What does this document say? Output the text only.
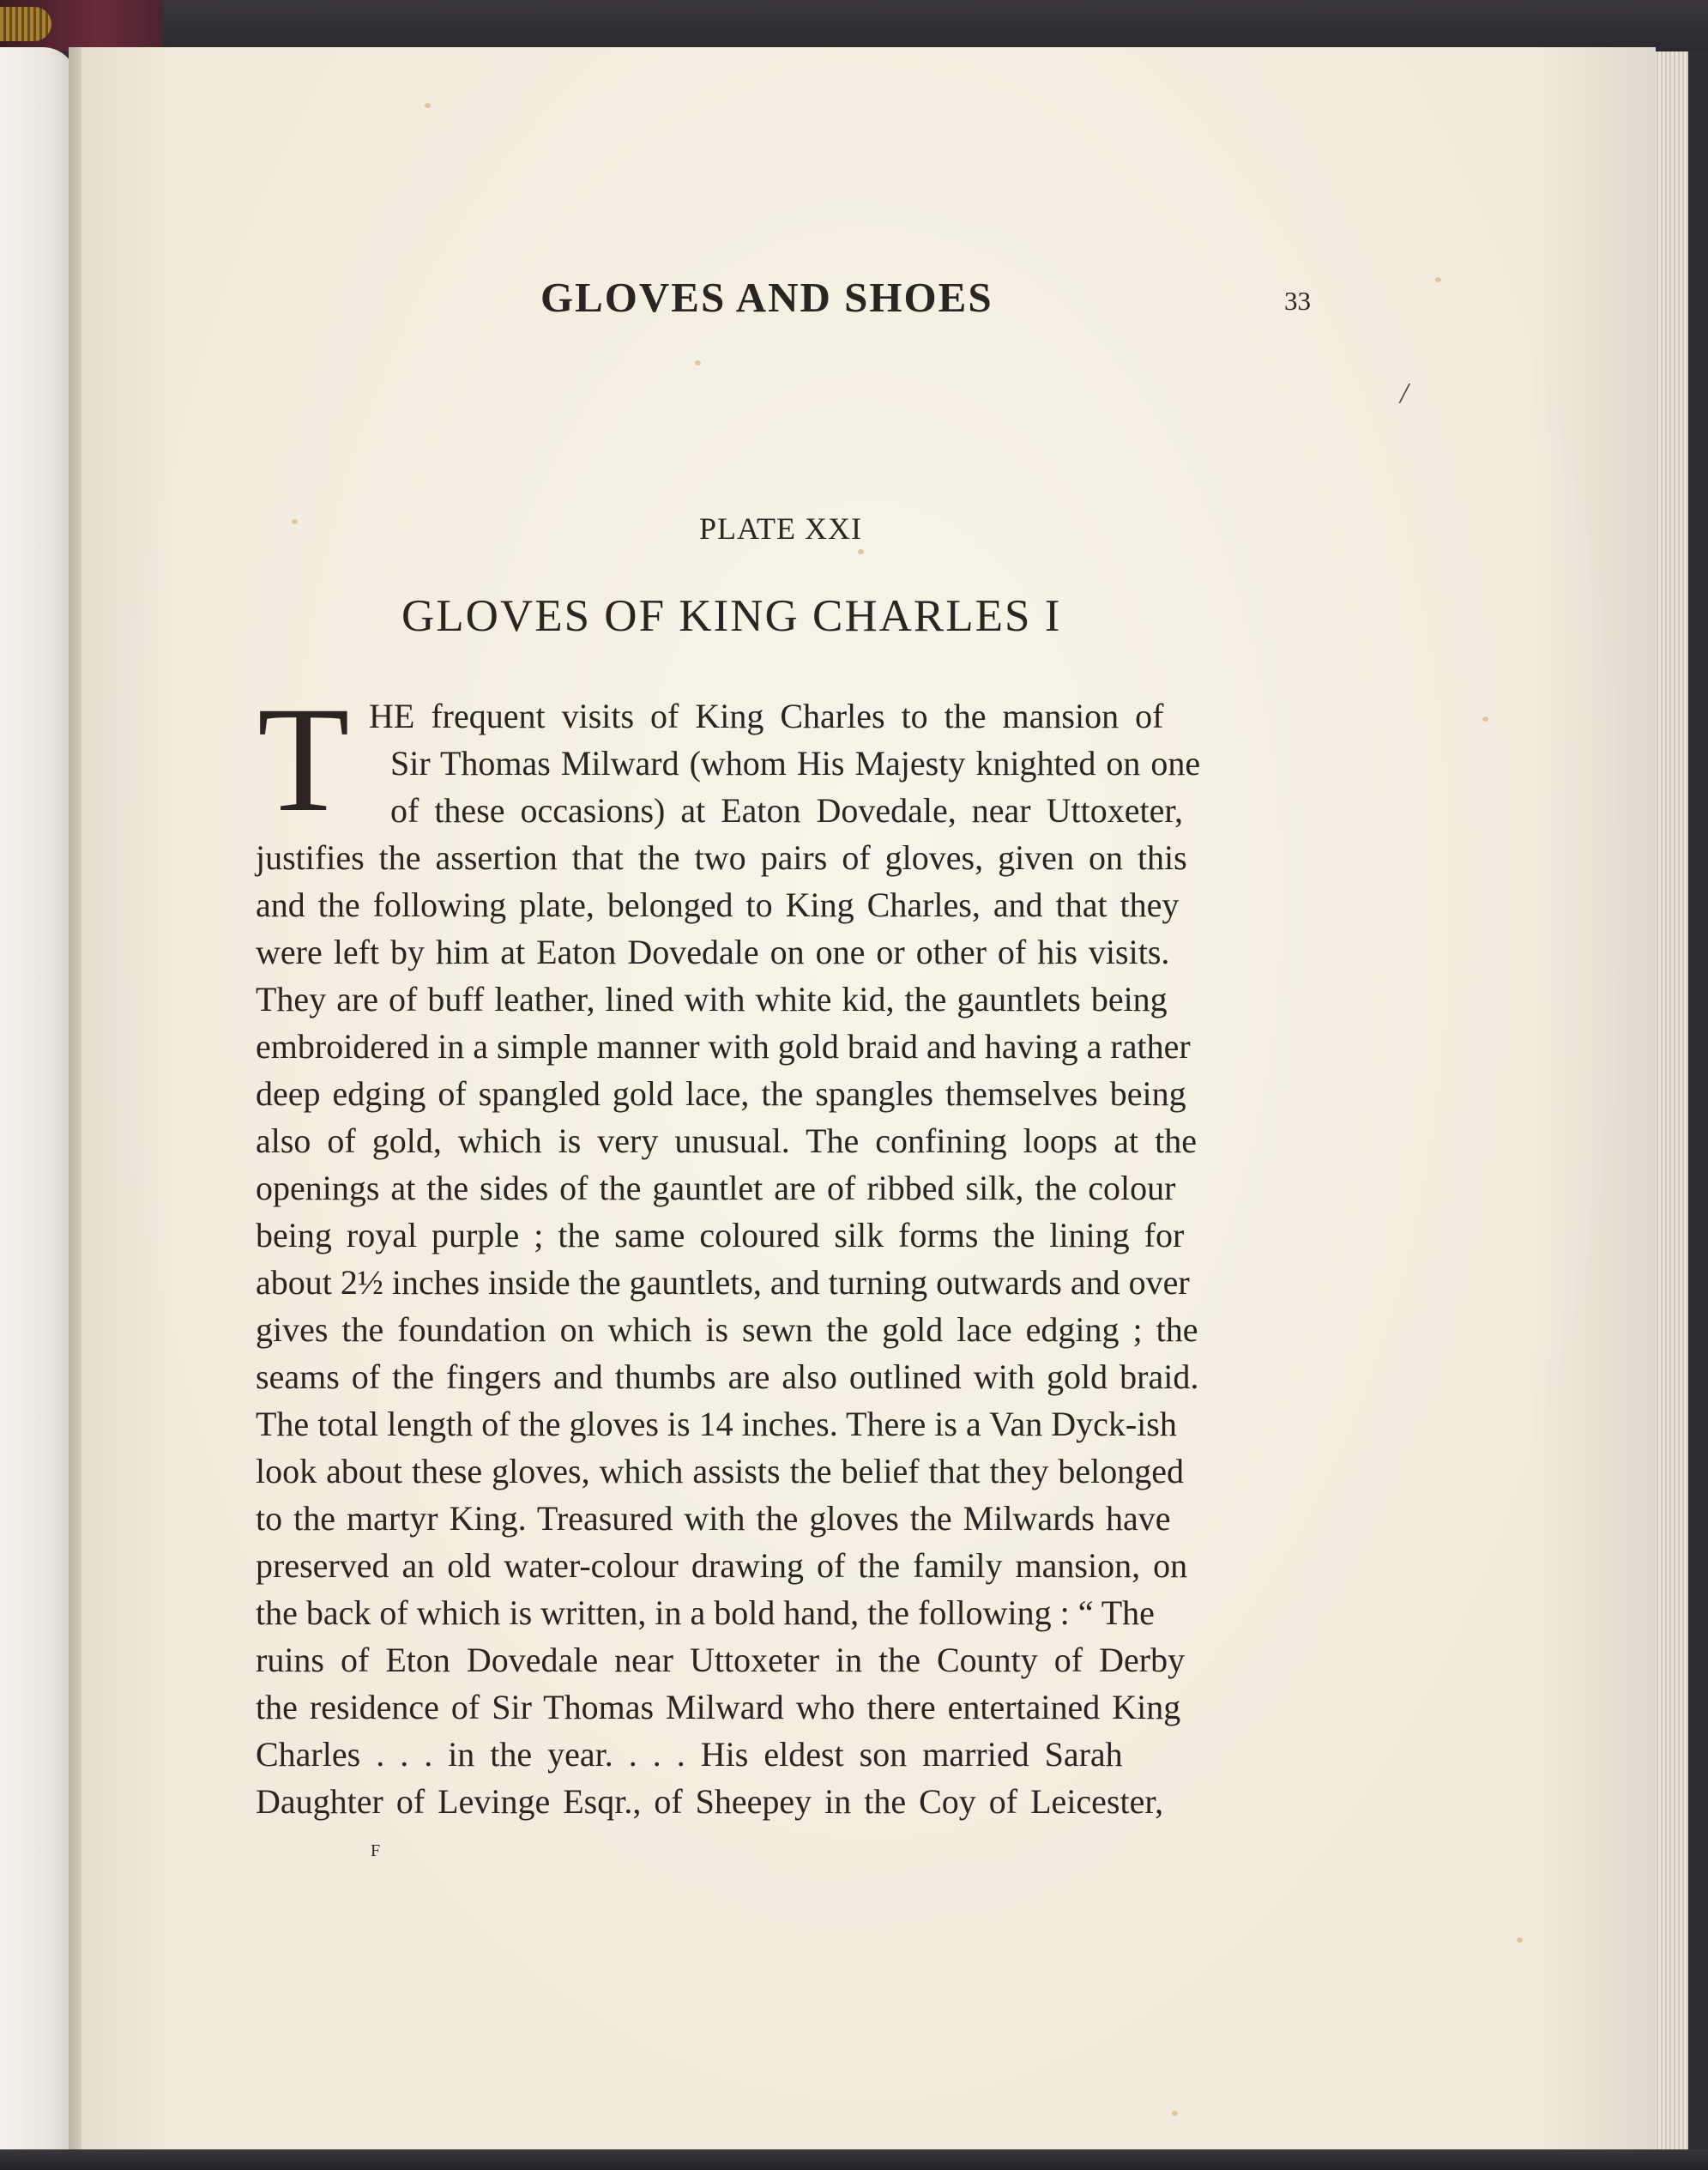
GLOVES AND SHOES	33
/
PLATE XXI
GLOVES OF KING CHARLES I
T HE frequent visits of King Charles to the mansion of
Sir Thomas Milward (whom His Majesty knighted on one
of these occasions) at Eaton Dovedale, near Uttoxeter,
justifies the assertion that the two pairs of gloves, given on this
and the following plate, belonged to King Charles, and that they
were left by him at Eaton Dovedale on one or other of his visits.
They are of buff leather, lined with white kid, the gauntlets being
embroidered in a simple manner with gold braid and having a rather
deep edging of spangled gold lace, the spangles themselves being
also of gold, which is very unusual. The confining loops at the
openings at the sides of the gauntlet are of ribbed silk, the colour
being royal purple ; the same coloured silk forms the lining for
about 2½ inches inside the gauntlets, and turning outwards and over
gives the foundation on which is sewn the gold lace edging ; the
seams of the fingers and thumbs are also outlined with gold braid.
The total length of the gloves is 14 inches. There is a Van Dyck-ish
look about these gloves, which assists the belief that they belonged
to the martyr King. Treasured with the gloves the Milwards have
preserved an old water-colour drawing of the family mansion, on
the back of which is written, in a bold hand, the following : “ The
ruins of Eton Dovedale near Uttoxeter in the County of Derby
the residence of Sir Thomas Milward who there entertained King
Charles . . . in the year. . . . His eldest son married Sarah
Daughter of Levinge Esqr., of Sheepey in the Coy of Leicester,
F
